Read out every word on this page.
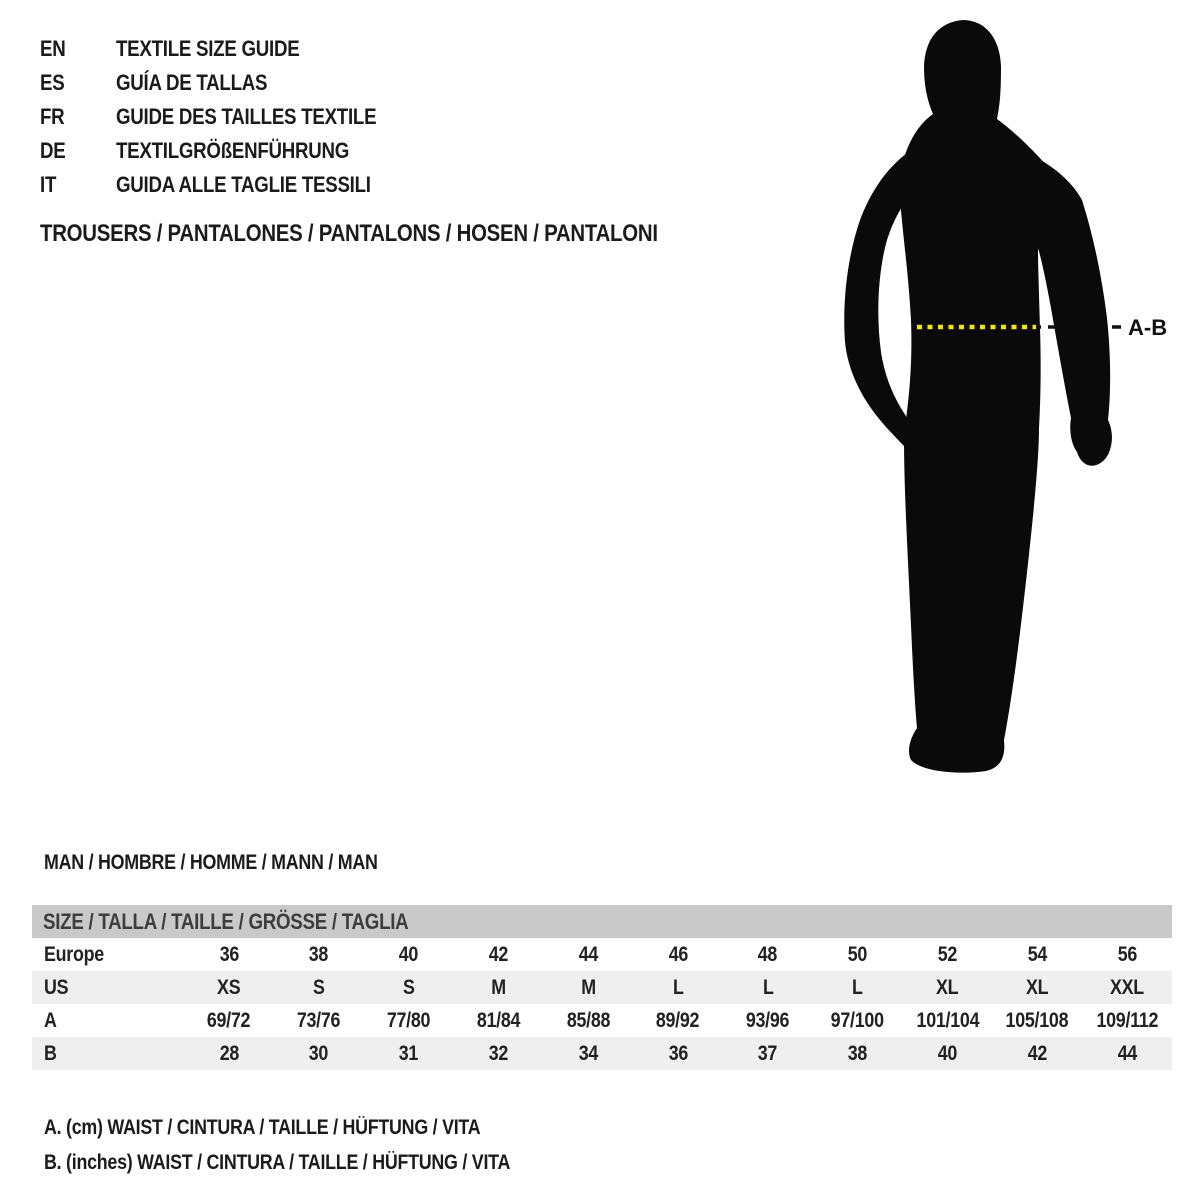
EN	TEXTILE SIZE GUIDE
ES	GUÍA DE TALLAS
FR	GUIDE DES TAILLES TEXTILE
DE	TEXTILGRÖßENFÜHRUNG
IT	GUIDA ALLE TAGLIE TESSILI
TROUSERS / PANTALONES / PANTALONS / HOSEN / PANTALONI
A-B
MAN / HOMBRE / HOMME / MANN / MAN
SIZE / TALLA / TAILLE / GRÖSSE / TAGLIA
Europe	36	38	40	42	44	46	48	50	52	54	56
US	XS	S	S	M	M	L	L	L	XL	XL	XXL
A	69/72	73/76	77/80	81/84	85/88	89/92	93/96	97/100	101/104	105/108	109/112
B	28	30	31	32	34	36	37	38	40	42	44
A. (cm) WAIST / CINTURA / TAILLE / HÜFTUNG / VITA
B. (inches) WAIST / CINTURA / TAILLE / HÜFTUNG / VITA
